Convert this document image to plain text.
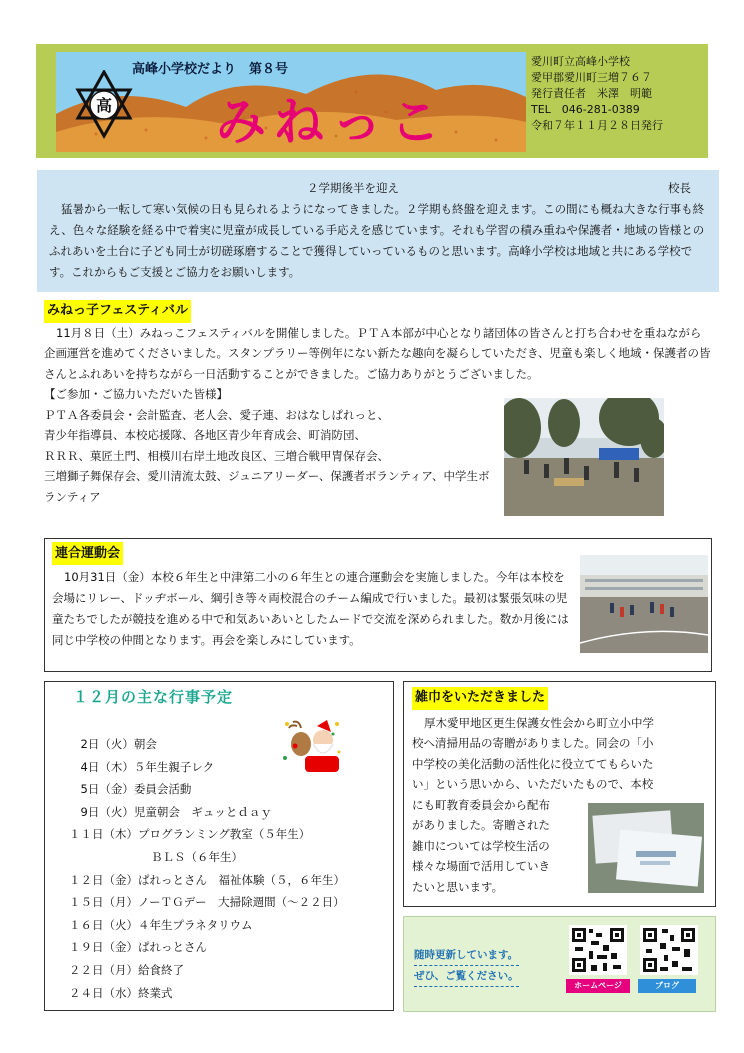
高
高峰小学校だより　第８号
みねっこ
愛川町立高峰小学校
愛甲郡愛川町三増７６７
発行責任者　米澤　明範
TEL　046-281-0389
令和７年１１月２８日発行
２学期後半を迎え	校長

猛暑から一転して寒い気候の日も見られるようになってきました。２学期も終盤を迎えます。この間にも概ね大きな行事も終え、色々な経験を経る中で着実に児童が成長している手応えを感じています。それも学習の積み重ねや保護者・地域の皆様とのふれあいを土台に子ども同士が切磋琢磨することで獲得していっているものと思います。高峰小学校は地域と共にある学校です。これからもご支援とご協力をお願いします。

みねっ子フェスティバル
11月８日（土）みねっこフェスティバルを開催しました。ＰＴＡ本部が中心となり諸団体の皆さんと打ち合わせを重ねながら企画運営を進めてくださいました。スタンプラリー等例年にない新たな趣向を凝らしていただき、児童も楽しく地域・保護者の皆さんとふれあいを持ちながら一日活動することができました。ご協力ありがとうございました。
【ご参加・ご協力いただいた皆様】
ＰＴＡ各委員会・会計監査、老人会、愛子連、おはなしぱれっと、
青少年指導員、本校応援隊、各地区青少年育成会、町消防団、
ＲＲＲ、菓匠土門、相模川右岸土地改良区、三増合戦甲冑保存会、
三増獅子舞保存会、愛川清流太鼓、ジュニアリーダー、保護者ボランティア、中学生ボランティア
連合運動会
10月31日（金）本校６年生と中津第二小の６年生との連合運動会を実施しました。今年は本校を会場にリレー、ドッヂボール、綱引き等々両校混合のチーム編成で行いました。最初は緊張気味の児童たちでしたが競技を進める中で和気あいあいとしたムードで交流を深められました。数か月後には同じ中学校の仲間となります。再会を楽しみにしています。
１２月の主な行事予定
　2日（火）朝会
　4日（木）５年生親子レク
　5日（金）委員会活動
　9日（火）児童朝会　ギュッとｄａｙ
１１日（木）プログランミング教室（５年生）
ＢＬＳ（６年生）
１２日（金）ぱれっとさん　福祉体験（５，６年生）
１５日（月）ノーＴＧデー　大掃除週間（～２２日）
１６日（火）４年生プラネタリウム
１９日（金）ぱれっとさん
２２日（月）給食終了
２４日（水）終業式
雑巾をいただきました
厚木愛甲地区更生保護女性会から町立小中学
校へ清掃用品の寄贈がありました。同会の「小
中学校の美化活動の活性化に役立ててもらいた
い」という思いから、いただいたもので、本校
にも町教育委員会から配布
がありました。寄贈された
雑巾については学校生活の
様々な場面で活用していき
たいと思います。
随時更新しています。
ぜひ、ご覧ください。
ホームページ	ブログ
